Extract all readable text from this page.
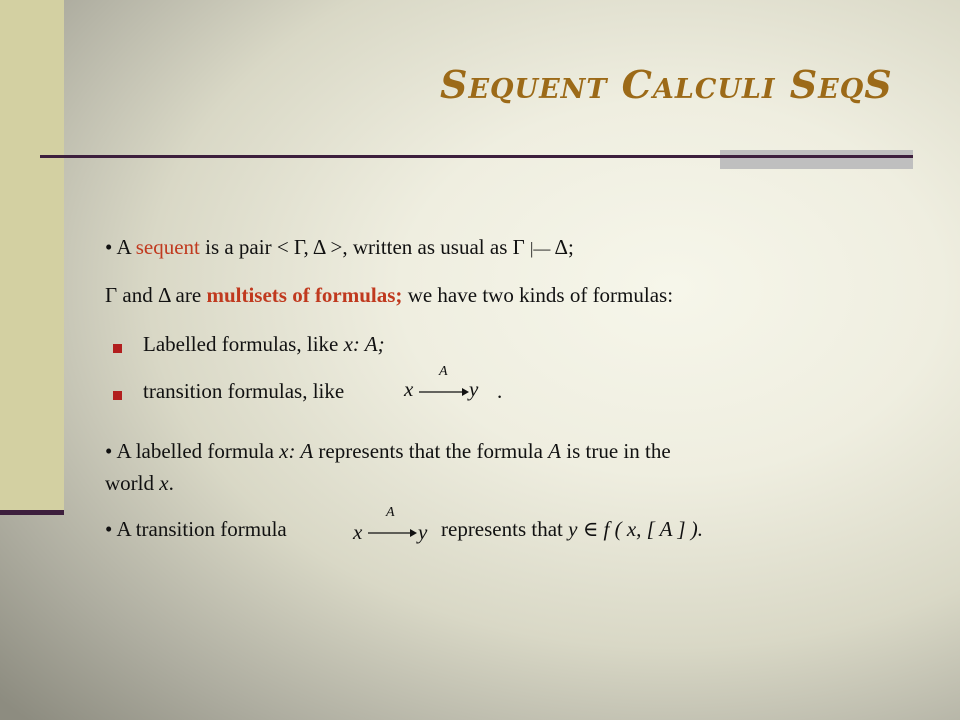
Sequent Calculi SeqS
• A sequent is a pair < Γ, Δ >, written as usual as Γ |— Δ;
Γ and Δ are multisets of formulas; we have two kinds of formulas:
Labelled formulas, like x: A;
transition formulas, like	x
A
y .
• A labelled formula x: A represents that the formula A is true in the
world x.
• A transition formula	x
A
y represents that y ∈ f ( x, [ A ] ).
